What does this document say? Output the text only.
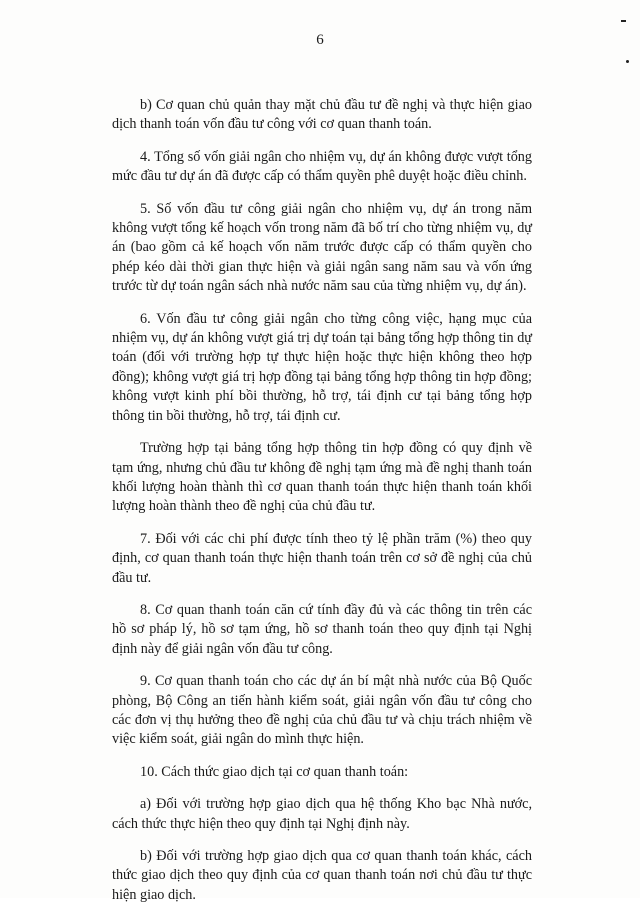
6

b) Cơ quan chủ quản thay mặt chủ đầu tư đề nghị và thực hiện giao dịch thanh toán vốn đầu tư công với cơ quan thanh toán.

4. Tổng số vốn giải ngân cho nhiệm vụ, dự án không được vượt tổng mức đầu tư dự án đã được cấp có thẩm quyền phê duyệt hoặc điều chỉnh.

5. Số vốn đầu tư công giải ngân cho nhiệm vụ, dự án trong năm không vượt tổng kế hoạch vốn trong năm đã bố trí cho từng nhiệm vụ, dự án (bao gồm cả kế hoạch vốn năm trước được cấp có thẩm quyền cho phép kéo dài thời gian thực hiện và giải ngân sang năm sau và vốn ứng trước từ dự toán ngân sách nhà nước năm sau của từng nhiệm vụ, dự án).

6. Vốn đầu tư công giải ngân cho từng công việc, hạng mục của nhiệm vụ, dự án không vượt giá trị dự toán tại bảng tổng hợp thông tin dự toán (đối với trường hợp tự thực hiện hoặc thực hiện không theo hợp đồng); không vượt giá trị hợp đồng tại bảng tổng hợp thông tin hợp đồng; không vượt kinh phí bồi thường, hỗ trợ, tái định cư tại bảng tổng hợp thông tin bồi thường, hỗ trợ, tái định cư.

Trường hợp tại bảng tổng hợp thông tin hợp đồng có quy định về tạm ứng, nhưng chủ đầu tư không đề nghị tạm ứng mà đề nghị thanh toán khối lượng hoàn thành thì cơ quan thanh toán thực hiện thanh toán khối lượng hoàn thành theo đề nghị của chủ đầu tư.

7. Đối với các chi phí được tính theo tỷ lệ phần trăm (%) theo quy định, cơ quan thanh toán thực hiện thanh toán trên cơ sở đề nghị của chủ đầu tư.

8. Cơ quan thanh toán căn cứ tính đầy đủ và các thông tin trên các hồ sơ pháp lý, hồ sơ tạm ứng, hồ sơ thanh toán theo quy định tại Nghị định này để giải ngân vốn đầu tư công.

9. Cơ quan thanh toán cho các dự án bí mật nhà nước của Bộ Quốc phòng, Bộ Công an tiến hành kiểm soát, giải ngân vốn đầu tư công cho các đơn vị thụ hưởng theo đề nghị của chủ đầu tư và chịu trách nhiệm về việc kiểm soát, giải ngân do mình thực hiện.

10. Cách thức giao dịch tại cơ quan thanh toán:

a) Đối với trường hợp giao dịch qua hệ thống Kho bạc Nhà nước, cách thức thực hiện theo quy định tại Nghị định này.

b) Đối với trường hợp giao dịch qua cơ quan thanh toán khác, cách thức giao dịch theo quy định của cơ quan thanh toán nơi chủ đầu tư thực hiện giao dịch.
